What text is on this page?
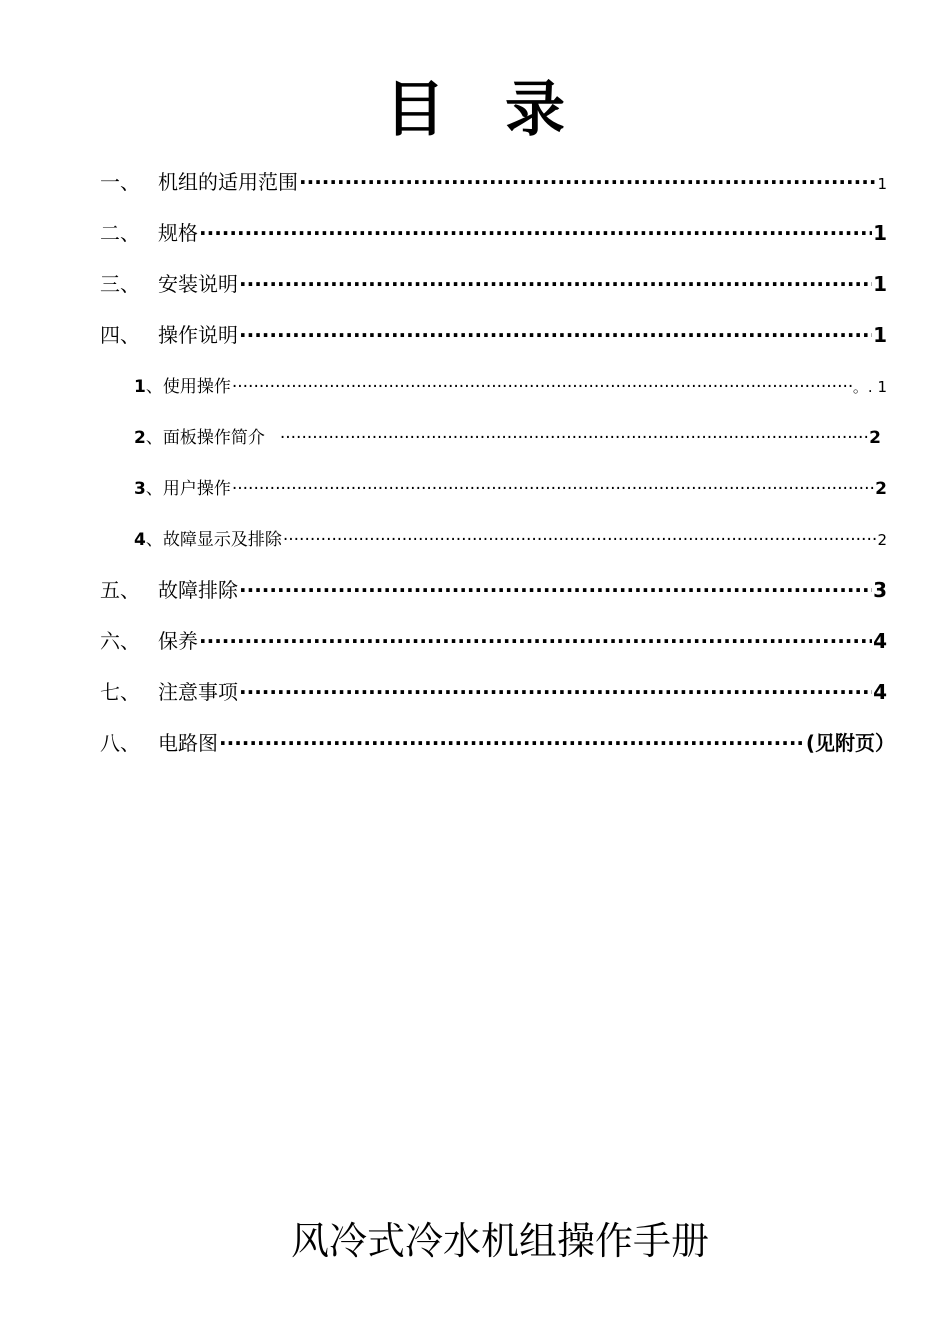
目 录
一、 机组的适用范围 ·····	1
二、 规格 ·····	1
三、 安装说明 ·····	1
四、 操作说明 ·····	1
1、 使用操作 ·····	。. 1
2、 面板操作简介 ·····	2
3、 用户操作 ·····	2
4、 故障显示及排除 ·····	2
五、 故障排除 ·····	3
六、 保养 ·····	4
七、 注意事项 ·····	4
八、 电路图 ·····	(见附页）
风冷式冷水机组操作手册
